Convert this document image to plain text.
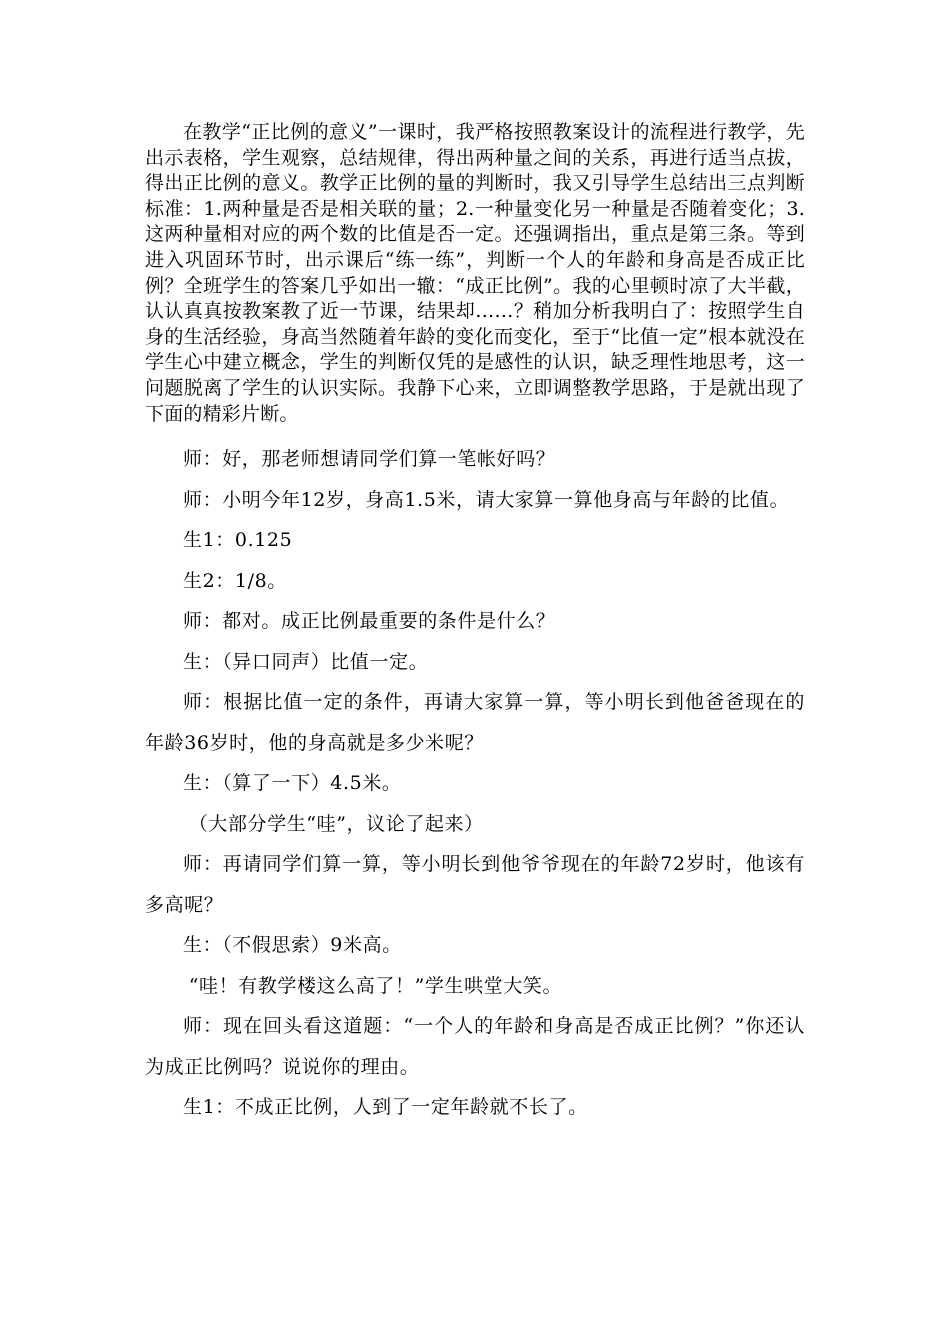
在教学“正比例的意义”一课时，我严格按照教案设计的流程进行教学，先出示表格，学生观察，总结规律，得出两种量之间的关系，再进行适当点拔，得出正比例的意义。教学正比例的量的判断时，我又引导学生总结出三点判断标准：1.两种量是否是相关联的量；2.一种量变化另一种量是否随着变化；3.这两种量相对应的两个数的比值是否一定。还强调指出，重点是第三条。等到进入巩固环节时，出示课后“练一练”，判断一个人的年龄和身高是否成正比例？全班学生的答案几乎如出一辙：“成正比例”。我的心里顿时凉了大半截，认认真真按教案教了近一节课，结果却……？稍加分析我明白了：按照学生自身的生活经验，身高当然随着年龄的变化而变化，至于“比值一定”根本就没在学生心中建立概念，学生的判断仅凭的是感性的认识，缺乏理性地思考，这一问题脱离了学生的认识实际。我静下心来，立即调整教学思路，于是就出现了下面的精彩片断。

师：好，那老师想请同学们算一笔帐好吗？

师：小明今年12岁，身高1.5米，请大家算一算他身高与年龄的比值。

生1：0.125

生2：1/8。

师：都对。成正比例最重要的条件是什么？

生：（异口同声）比值一定。

师：根据比值一定的条件，再请大家算一算，等小明长到他爸爸现在的年龄36岁时，他的身高就是多少米呢？

生：（算了一下）4.5米。

（大部分学生“哇”，议论了起来）

师：再请同学们算一算，等小明长到他爷爷现在的年龄72岁时，他该有多高呢？

生：（不假思索）9米高。

“哇！有教学楼这么高了！”学生哄堂大笑。

师：现在回头看这道题：“一个人的年龄和身高是否成正比例？”你还认为成正比例吗？说说你的理由。

生1：不成正比例，人到了一定年龄就不长了。
